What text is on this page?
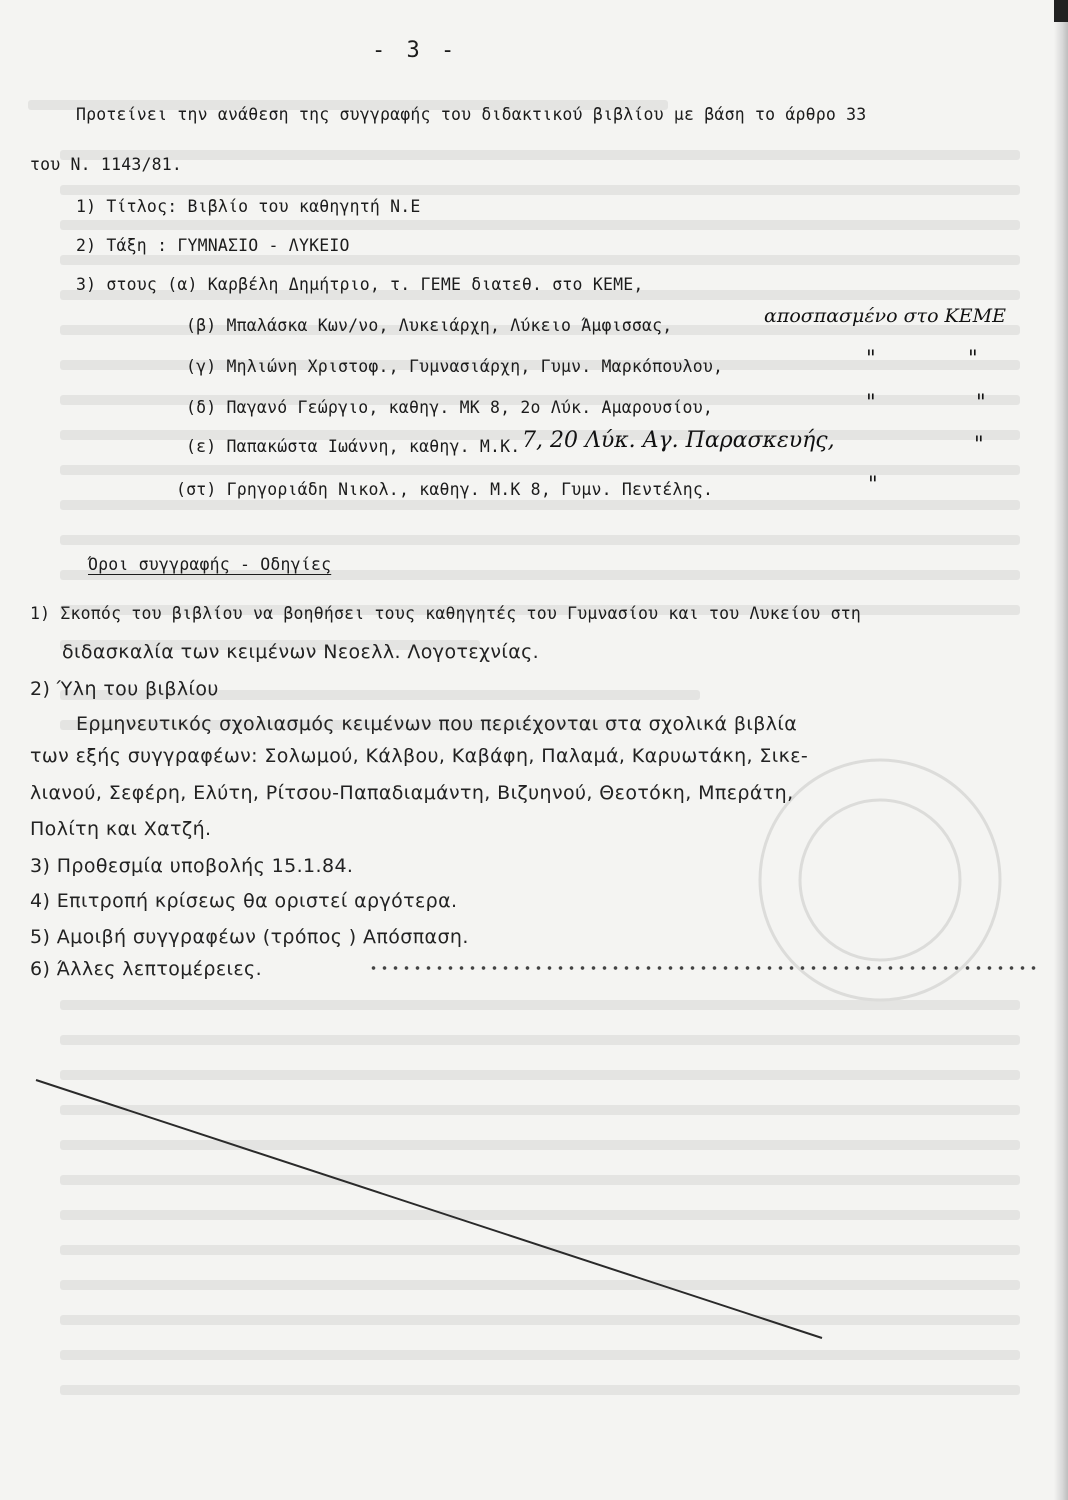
- 3 -
Προτείνει την ανάθεση της συγγραφής του διδακτικού βιβλίου με βάση το άρθρο 33
του Ν. 1143/81.
1) Τίτλος: Βιβλίο του καθηγητή Ν.Ε
2) Τάξη : ΓΥΜΝΑΣΙΟ - ΛΥΚΕΙΟ
3) στους (α) Καρβέλη Δημήτριο, τ. ΓΕΜΕ διατεθ. στο ΚΕΜΕ,
(β) Μπαλάσκα Κων/νο, Λυκειάρχη, Λύκειο Άμφισσας,
(γ) Μηλιώνη Χριστοφ., Γυμνασιάρχη, Γυμν. Μαρκόπουλου,
(δ) Παγανό Γεώργιο, καθηγ. ΜΚ 8, 2ο Λύκ. Αμαρουσίου,
(ε) Παπακώστα Ιωάννη, καθηγ. Μ.Κ.
(στ) Γρηγοριάδη Νικολ., καθηγ. Μ.Κ 8, Γυμν. Πεντέλης.
αποσπασμένο στο ΚΕΜΕ
7, 20 Λύκ. Αγ. Παρασκευής,
"
"
"
"
"
"
Όροι συγγραφής - Οδηγίες
1) Σκοπός του βιβλίου να βοηθήσει τους καθηγητές του Γυμνασίου και του Λυκείου στη
διδασκαλία των κειμένων Νεοελλ. Λογοτεχνίας.
2) Ύλη του βιβλίου
Ερμηνευτικός σχολιασμός κειμένων που περιέχονται στα σχολικά βιβλία
των εξής συγγραφέων: Σολωμού, Κάλβου, Καβάφη, Παλαμά, Καρυωτάκη, Σικε-
λιανού, Σεφέρη, Ελύτη, Ρίτσου-Παπαδιαμάντη, Βιζυηνού, Θεοτόκη, Μπεράτη,
Πολίτη και Χατζή.
3) Προθεσμία υποβολής 15.1.84.
4) Επιτροπή κρίσεως θα οριστεί αργότερα.
5) Αμοιβή συγγραφέων (τρόπος ) Απόσπαση.
6) Άλλες λεπτομέρειες.
